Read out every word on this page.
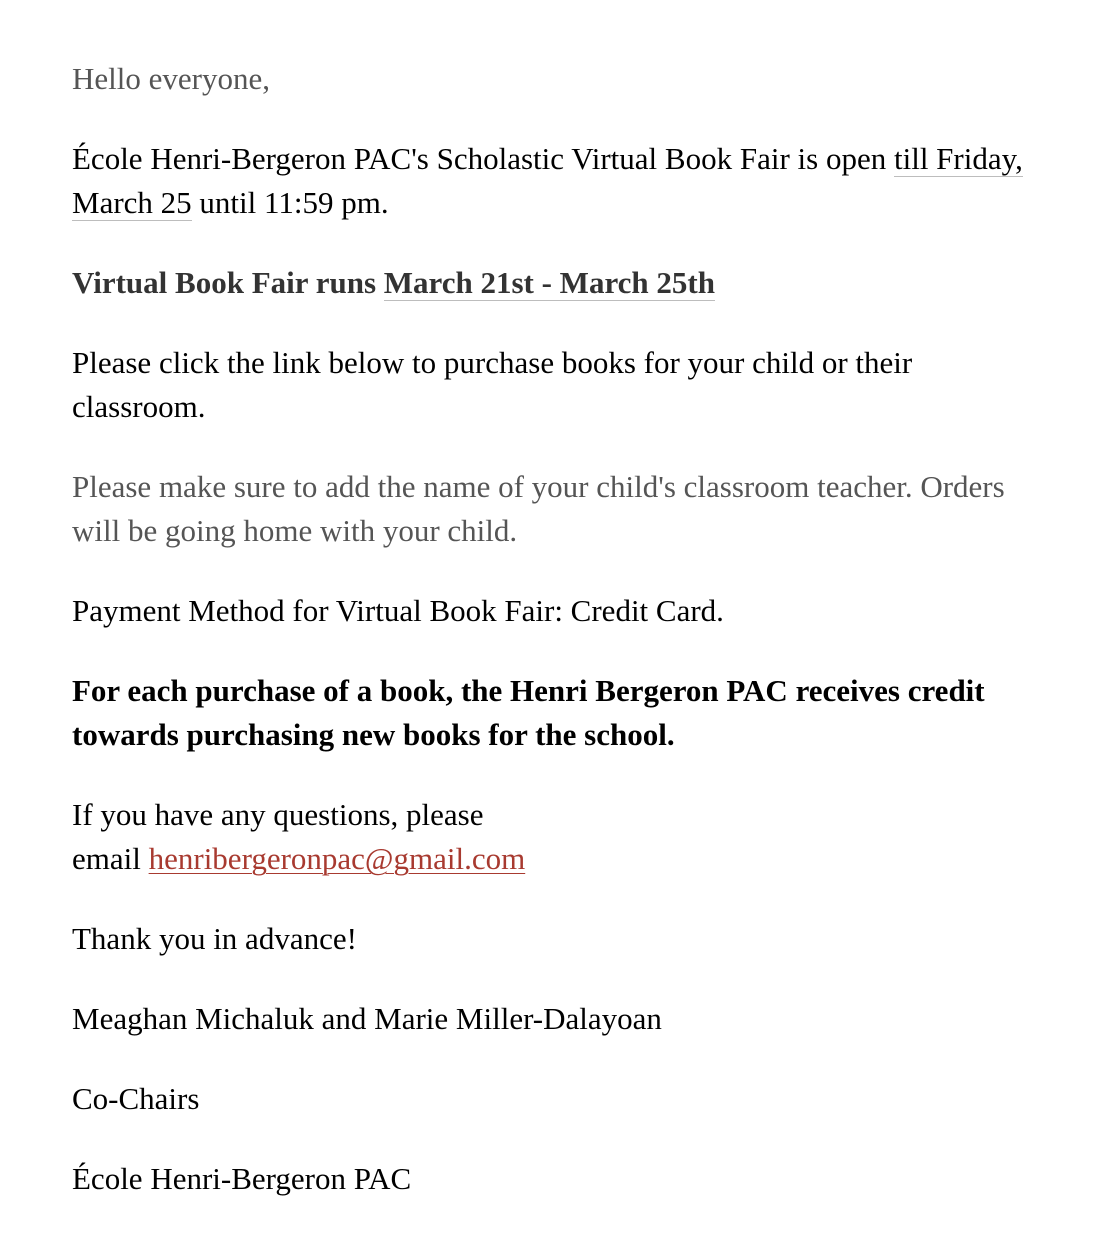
Hello everyone,

École Henri-Bergeron PAC's Scholastic Virtual Book Fair is open till Friday, March 25 until 11:59 pm.

Virtual Book Fair runs March 21st - March 25th

Please click the link below to purchase books for your child or their classroom.

Please make sure to add the name of your child's classroom teacher. Orders will be going home with your child.

Payment Method for Virtual Book Fair: Credit Card.

For each purchase of a book, the Henri Bergeron PAC receives credit towards purchasing new books for the school.

If you have any questions, please
email henribergeronpac@gmail.com

Thank you in advance!

Meaghan Michaluk and Marie Miller-Dalayoan

Co-Chairs

École Henri-Bergeron PAC
